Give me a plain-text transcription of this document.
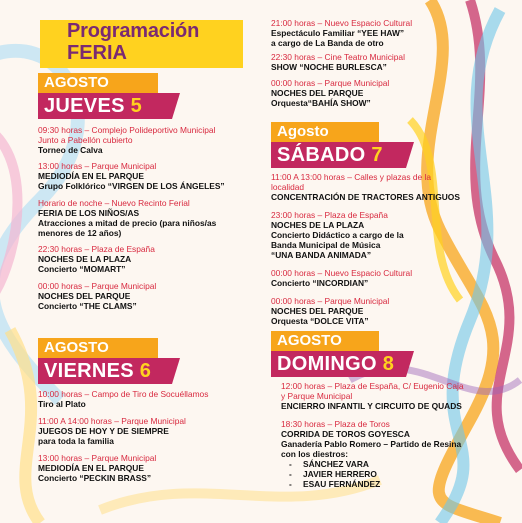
Programación
FERIA
AGOSTO
JUEVES 5
09:30 horas – Complejo Polideportivo Municipal
Junto a Pabellón cubierto
Torneo de Calva
13:00 horas – Parque Municipal
MEDIODÍA EN EL PARQUE
Grupo Folklórico “VIRGEN DE LOS ÁNGELES”
Horario de noche – Nuevo Recinto Ferial
FERIA DE LOS NIÑOS/AS
Atracciones a mitad de precio (para niños/as
menores de 12 años)
22:30 horas – Plaza de España
NOCHES DE LA PLAZA
Concierto “MOMART”
00:00 horas – Parque Municipal
NOCHES DEL PARQUE
Concierto “THE CLAMS”
AGOSTO
VIERNES 6
10:00 horas – Campo de Tiro de Socuéllamos
Tiro al Plato
11:00 A 14:00 horas – Parque Municipal
JUEGOS DE HOY Y DE SIEMPRE
para toda la familia
13:00 horas – Parque Municipal
MEDIODÍA EN EL PARQUE
Concierto “PECKIN BRASS”
21:00 horas – Nuevo Espacio Cultural
Espectáculo Familiar “YEE HAW”
a cargo de La Banda de otro
22:30 horas – Cine Teatro Municipal
SHOW “NOCHE BURLESCA”
00:00 horas – Parque Municipal
NOCHES DEL PARQUE
Orquesta“BAHÍA SHOW”
Agosto
SÁBADO 7
11:00 A 13:00 horas – Calles y plazas de la
localidad
CONCENTRACIÓN DE TRACTORES ANTIGUOS
23:00 horas – Plaza de España
NOCHES DE LA PLAZA
Concierto Didáctico a cargo de la
Banda Municipal de Música
“UNA BANDA ANIMADA”
00:00 horas – Nuevo Espacio Cultural
Concierto “INCORDIAN”
00:00 horas – Parque Municipal
NOCHES DEL PARQUE
Orquesta “DOLCE VITA”
AGOSTO
DOMINGO 8
12:00 horas – Plaza de España, C/ Eugenio Caja
y Parque Municipal
ENCIERRO INFANTIL Y CIRCUITO DE QUADS
18:30 horas – Plaza de Toros
CORRIDA DE TOROS GOYESCA
Ganadería Pablo Romero – Partido de Resina
con los diestros:
- SÁNCHEZ VARA
- JAVIER HERRERO
- ESAU FERNÁNDEZ
